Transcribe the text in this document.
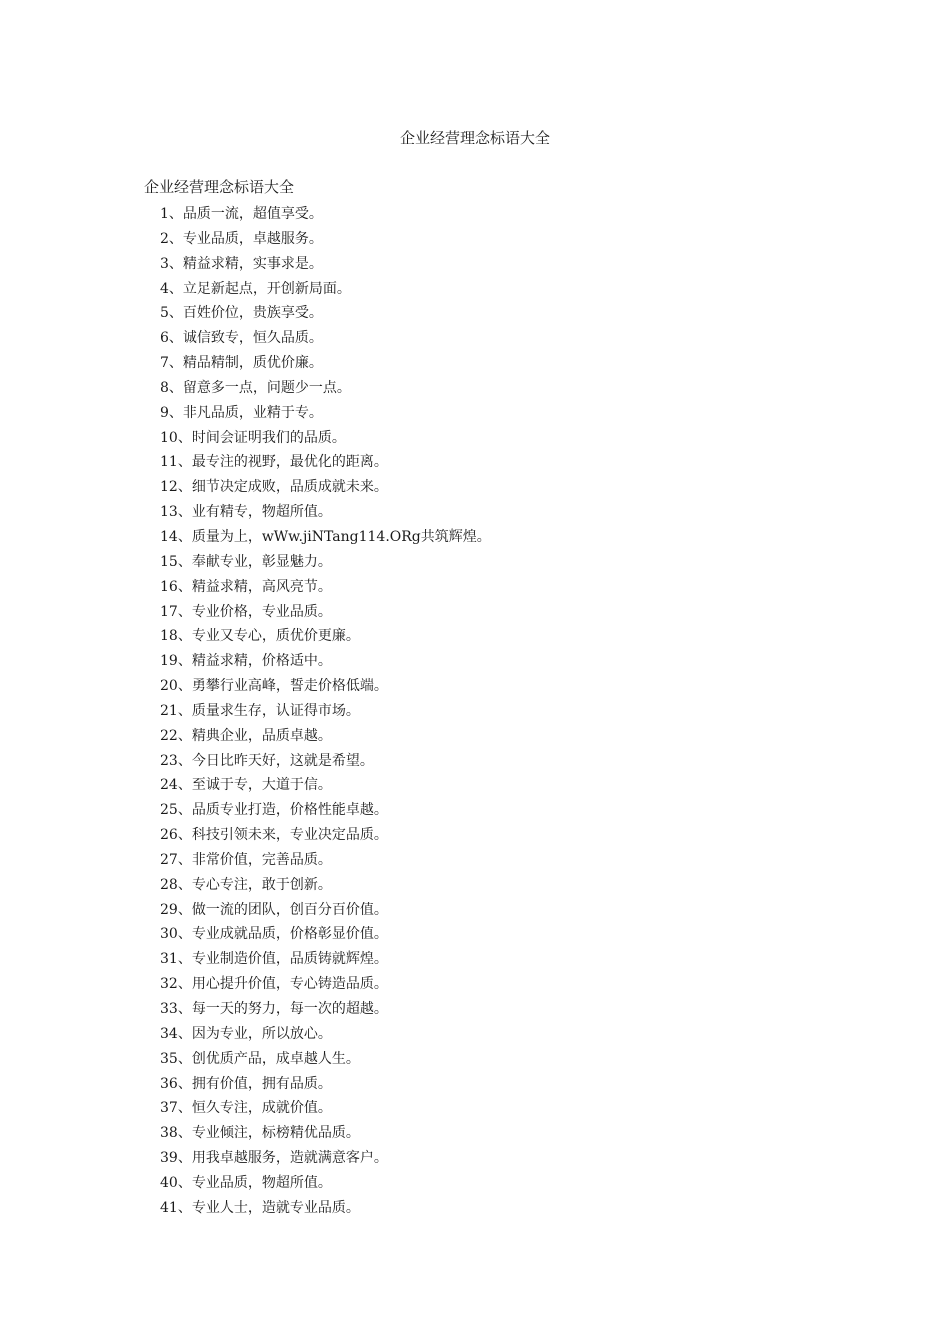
企业经营理念标语大全
企业经营理念标语大全
1、品质一流，超值享受。
2、专业品质，卓越服务。
3、精益求精，实事求是。
4、立足新起点，开创新局面。
5、百姓价位，贵族享受。
6、诚信致专，恒久品质。
7、精品精制，质优价廉。
8、留意多一点，问题少一点。
9、非凡品质，业精于专。
10、时间会证明我们的品质。
11、最专注的视野，最优化的距离。
12、细节决定成败，品质成就未来。
13、业有精专，物超所值。
14、质量为上，wWw.jiNTang114.ORg共筑辉煌。
15、奉献专业，彰显魅力。
16、精益求精，高风亮节。
17、专业价格，专业品质。
18、专业又专心，质优价更廉。
19、精益求精，价格适中。
20、勇攀行业高峰，誓走价格低端。
21、质量求生存，认证得市场。
22、精典企业，品质卓越。
23、今日比昨天好，这就是希望。
24、至诚于专，大道于信。
25、品质专业打造，价格性能卓越。
26、科技引领未来，专业决定品质。
27、非常价值，完善品质。
28、专心专注，敢于创新。
29、做一流的团队，创百分百价值。
30、专业成就品质，价格彰显价值。
31、专业制造价值，品质铸就辉煌。
32、用心提升价值，专心铸造品质。
33、每一天的努力，每一次的超越。
34、因为专业，所以放心。
35、创优质产品，成卓越人生。
36、拥有价值，拥有品质。
37、恒久专注，成就价值。
38、专业倾注，标榜精优品质。
39、用我卓越服务，造就满意客户。
40、专业品质，物超所值。
41、专业人士，造就专业品质。
